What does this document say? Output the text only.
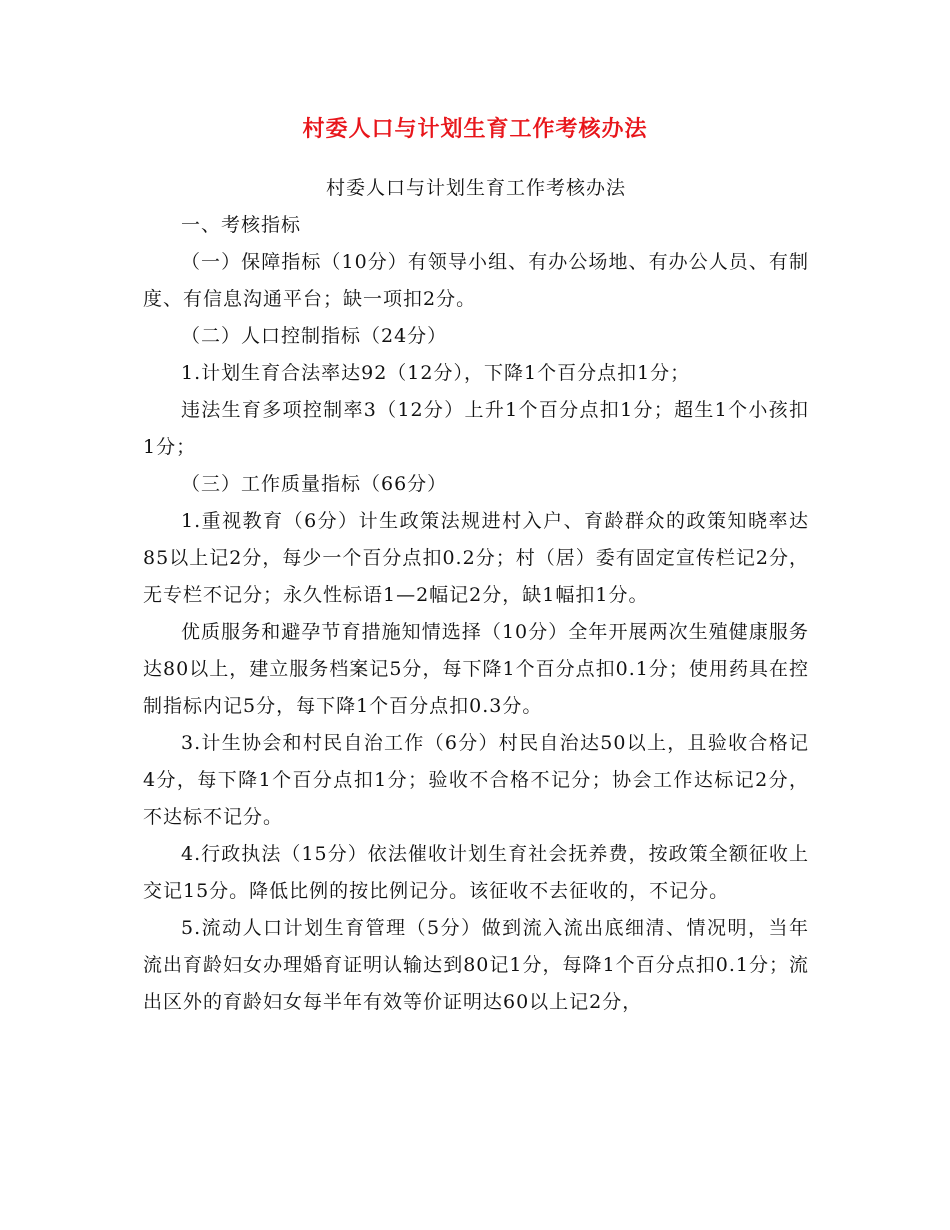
村委人口与计划生育工作考核办法

村委人口与计划生育工作考核办法

一、考核指标

（一）保障指标（10分）有领导小组、有办公场地、有办公人员、有制度、有信息沟通平台；缺一项扣2分。

（二）人口控制指标（24分）

1.计划生育合法率达92（12分），下降1个百分点扣1分；

违法生育多项控制率3（12分）上升1个百分点扣1分；超生1个小孩扣1分；

（三）工作质量指标（66分）

1.重视教育（6分）计生政策法规进村入户、育龄群众的政策知晓率达85以上记2分，每少一个百分点扣0.2分；村（居）委有固定宣传栏记2分，无专栏不记分；永久性标语1—2幅记2分，缺1幅扣1分。

优质服务和避孕节育措施知情选择（10分）全年开展两次生殖健康服务达80以上，建立服务档案记5分，每下降1个百分点扣0.1分；使用药具在控制指标内记5分，每下降1个百分点扣0.3分。

3.计生协会和村民自治工作（6分）村民自治达50以上，且验收合格记4分，每下降1个百分点扣1分；验收不合格不记分；协会工作达标记2分，不达标不记分。

4.行政执法（15分）依法催收计划生育社会抚养费，按政策全额征收上交记15分。降低比例的按比例记分。该征收不去征收的，不记分。

5.流动人口计划生育管理（5分）做到流入流出底细清、情况明，当年流出育龄妇女办理婚育证明认输达到80记1分，每降1个百分点扣0.1分；流出区外的育龄妇女每半年有效等价证明达60以上记2分，
